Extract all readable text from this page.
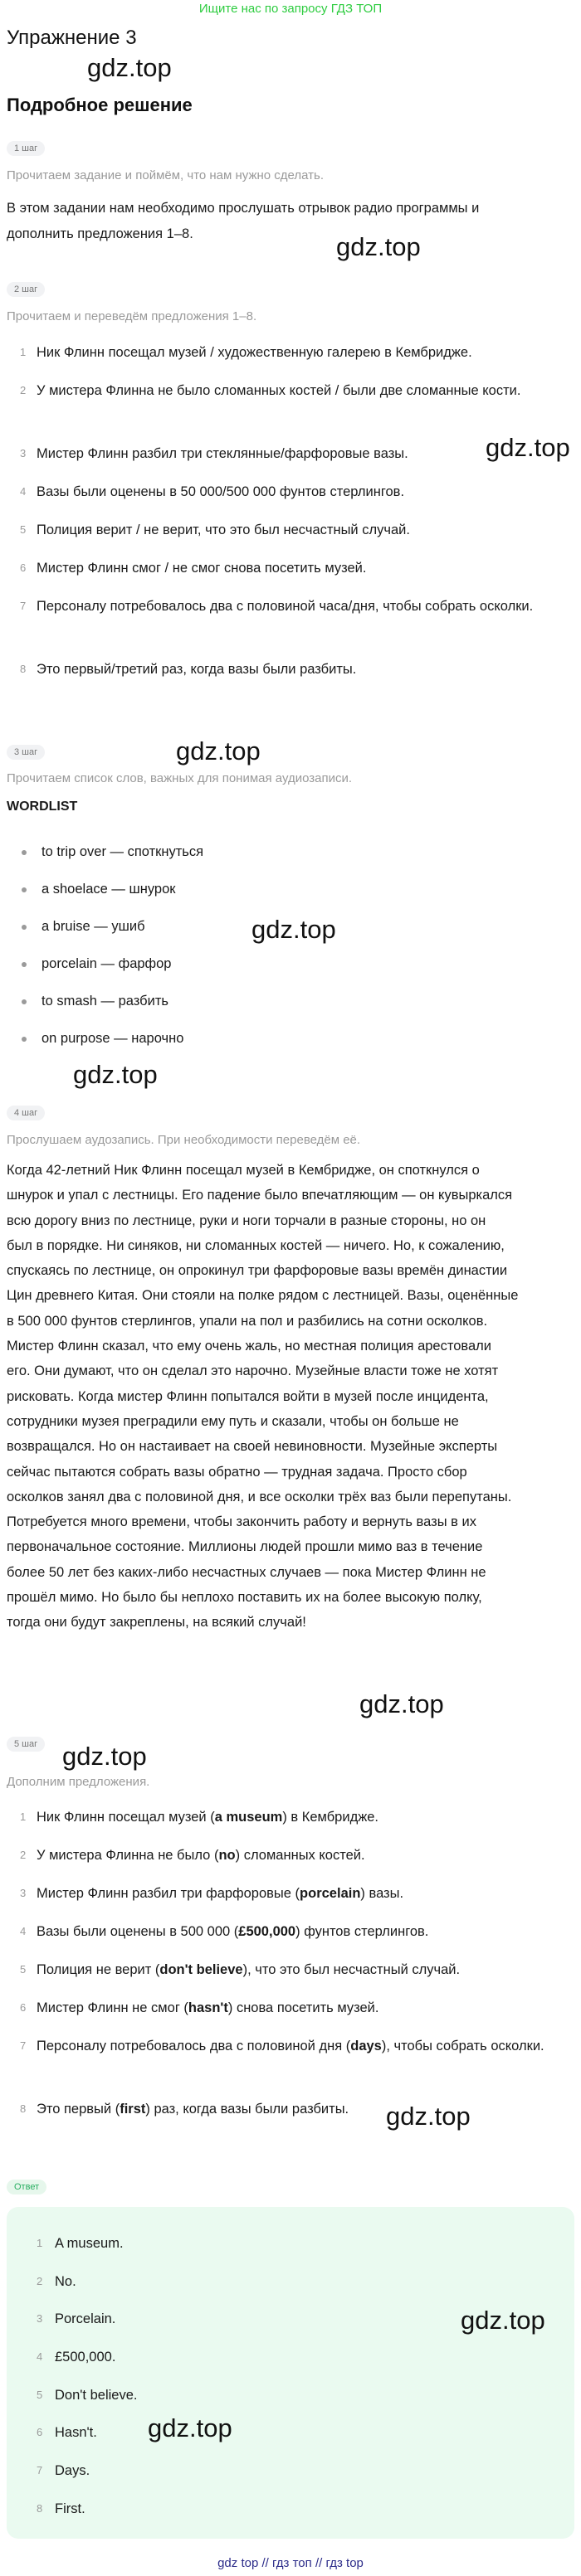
Ищите нас по запросу ГДЗ ТОП
Упражнение 3
gdz.top
Подробное решение
1 шаг
Прочитаем задание и поймём, что нам нужно сделать.
В этом задании нам необходимо прослушать отрывок радио программы и
дополнить предложения 1–8.	gdz.top
2 шаг
Прочитаем и переведём предложения 1–8.
1 Ник Флинн посещал музей / художественную галерею в Кембридже.
2 У мистера Флинна не было сломанных костей / были две сломанные кости.
3 Мистер Флинн разбил три стеклянные/фарфоровые вазы.
4 Вазы были оценены в 50 000/500 000 фунтов стерлингов.
5 Полиция верит / не верит, что это был несчастный случай.
6 Мистер Флинн смог / не смог снова посетить музей.
7 Персоналу потребовалось два с половиной часа/дня, чтобы собрать осколки.
8 Это первый/третий раз, когда вазы были разбиты.
gdz.top
3 шаг	gdz.top
Прочитаем список слов, важных для понимая аудиозаписи.
WORDLIST
to trip over — споткнуться
a shoelace — шнурок
a bruise — ушиб
porcelain — фарфор
to smash — разбить
on purpose — нарочно
gdz.top
gdz.top
4 шаг
Прослушаем аудозапись. При необходимости переведём её.
Когда 42-летний Ник Флинн посещал музей в Кембридже, он споткнулся о
шнурок и упал с лестницы. Его падение было впечатляющим — он кувыркался
всю дорогу вниз по лестнице, руки и ноги торчали в разные стороны, но он
был в порядке. Ни синяков, ни сломанных костей — ничего. Но, к сожалению,
спускаясь по лестнице, он опрокинул три фарфоровые вазы времён династии
Цин древнего Китая. Они стояли на полке рядом с лестницей. Вазы, оценённые
в 500 000 фунтов стерлингов, упали на пол и разбились на сотни осколков.
Мистер Флинн сказал, что ему очень жаль, но местная полиция арестовали
его. Они думают, что он сделал это нарочно. Музейные власти тоже не хотят
рисковать. Когда мистер Флинн попытался войти в музей после инцидента,
сотрудники музея преградили ему путь и сказали, чтобы он больше не
возвращался. Но он настаивает на своей невиновности. Музейные эксперты
сейчас пытаются собрать вазы обратно — трудная задача. Просто сбор
осколков занял два с половиной дня, и все осколки трёх ваз были перепутаны.
Потребуется много времени, чтобы закончить работу и вернуть вазы в их
первоначальное состояние. Миллионы людей прошли мимо ваз в течение
более 50 лет без каких-либо несчастных случаев — пока Мистер Флинн не
прошёл мимо. Но было бы неплохо поставить их на более высокую полку,
тогда они будут закреплены, на всякий случай!
gdz.top
5 шаг gdz.top
Дополним предложения.
1 Ник Флинн посещал музей (a museum) в Кембридже.
2 У мистера Флинна не было (no) сломанных костей.
3 Мистер Флинн разбил три фарфоровые (porcelain) вазы.
4 Вазы были оценены в 500 000 (£500,000) фунтов стерлингов.
5 Полиция не верит (don't believe), что это был несчастный случай.
6 Мистер Флинн не смог (hasn't) снова посетить музей.
7 Персоналу потребовалось два с половиной дня (days), чтобы собрать осколки.
8 Это первый (first) раз, когда вазы были разбиты.	gdz.top
Ответ
1 A museum.
2 No.
3 Porcelain.
4 £500,000.
5 Don't believe.
6 Hasn't.
7 Days.
8 First.
gdz.top
gdz.top
gdz top // гдз топ // гдз top
